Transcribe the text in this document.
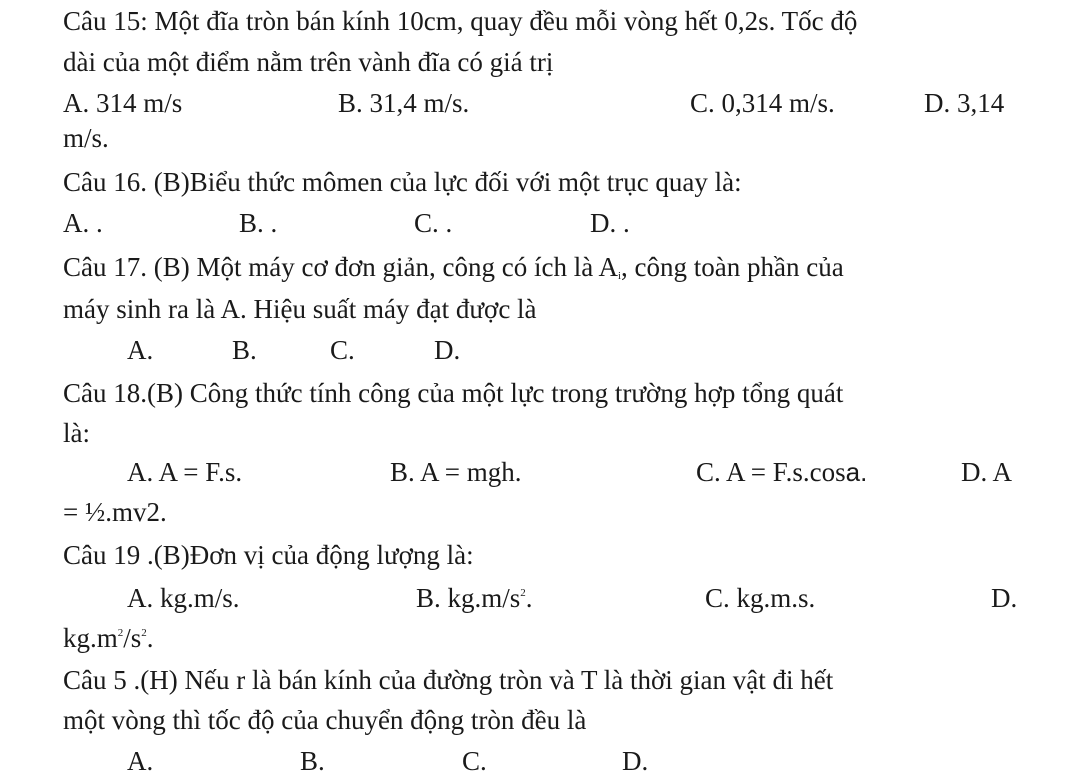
Câu 15: Một đĩa tròn bán kính 10cm, quay đều mỗi vòng hết 0,2s. Tốc độ
dài của một điểm nằm trên vành đĩa có giá trị
A. 314 m/s	B. 31,4 m/s.	C. 0,314 m/s.	D. 3,14
m/s.
Câu 16. (B)Biểu thức mômen của lực đối với một trục quay là:
A. .	B. .	C. .	D. .
Câu 17. (B) Một máy cơ đơn giản, công có ích là $A_i$, công toàn phần của
máy sinh ra là A. Hiệu suất máy đạt được là
A.	B.	C.	D.
Câu 18.(B) Công thức tính công của một lực trong trường hợp tổng quát
là:
A. A = F.s.	B. A = mgh.	C. A = F.s.cosa.	D. A
= ½.mv2.
Câu 19 .(B)Đơn vị của động lượng là:
A. kg.m/s.	B. $kg.m/s^2$.	C. kg.m.s.	D.
$kg.m^2/s^2$.
Câu 5 .(H) Nếu r là bán kính của đường tròn và T là thời gian vật đi hết
một vòng thì tốc độ của chuyển động tròn đều là
A.	B.	C.	D.
